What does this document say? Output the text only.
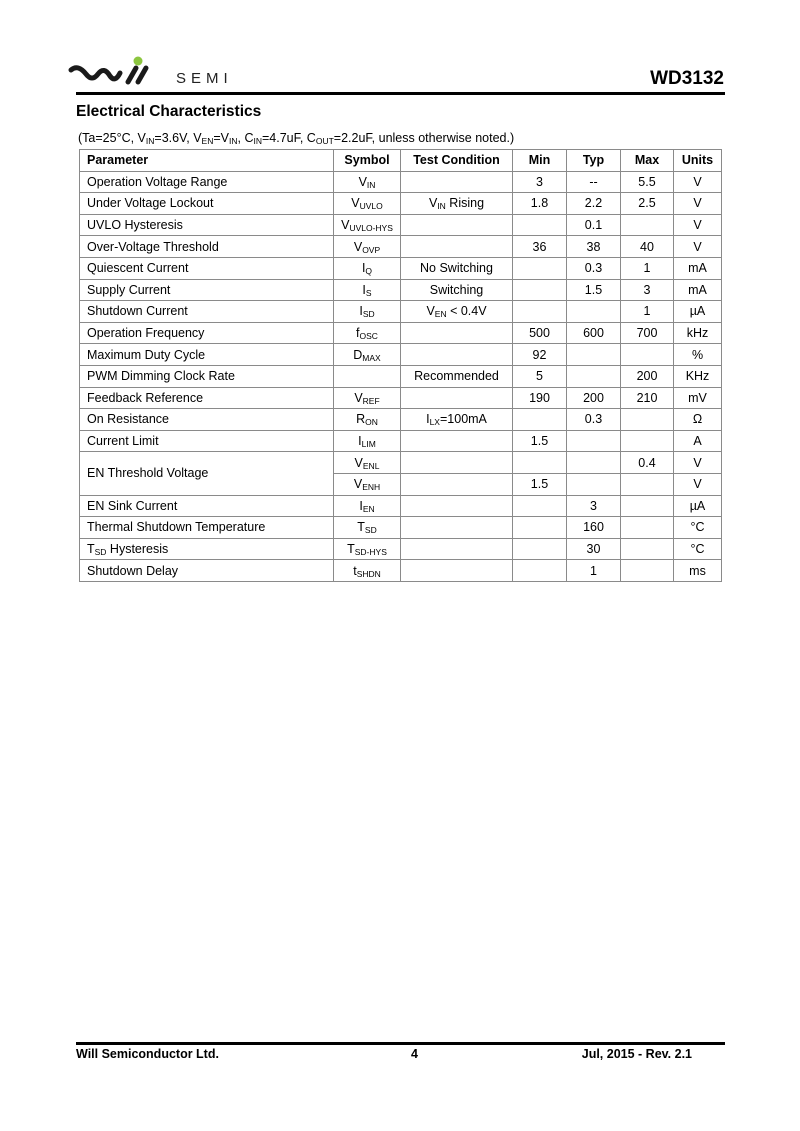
SEMI	WD3132
Electrical Characteristics
(Ta=25°C, $V_{IN}=3.6V$, $V_{EN}=V_{IN}$, $C_{IN}=4.7uF$, $C_{OUT}=2.2uF$, unless otherwise noted.)
Parameter	Symbol	Test Condition	Min	Typ	Max	Units
Operation Voltage Range	$V_{IN}$		3	--	5.5	V
Under Voltage Lockout	$V_{UVLO}$	$V_{IN}$ Rising	1.8	2.2	2.5	V
UVLO Hysteresis	$V_{UVLO-HYS}$			0.1		V
Over-Voltage Threshold	$V_{OVP}$		36	38	40	V
Quiescent Current	$I_Q$	No Switching		0.3	1	mA
Supply Current	$I_S$	Switching		1.5	3	mA
Shutdown Current	$I_{SD}$	$V_{EN} < 0.4V$			1	µA
Operation Frequency	$f_{OSC}$		500	600	700	kHz
Maximum Duty Cycle	$D_{MAX}$		92			%
PWM Dimming Clock Rate		Recommended	5		200	KHz
Feedback Reference	$V_{REF}$		190	200	210	mV
On Resistance	$R_{ON}$	$I_{LX}=100mA$		0.3		Ω
Current Limit	$I_{LIM}$		1.5			A
EN Threshold Voltage	$V_{ENL}$				0.4	V
	$V_{ENH}$		1.5			V
EN Sink Current	$I_{EN}$			3		µA
Thermal Shutdown Temperature	$T_{SD}$			160		°C
$T_{SD}$ Hysteresis	$T_{SD-HYS}$			30		°C
Shutdown Delay	$t_{SHDN}$			1		ms
Will Semiconductor Ltd.	4	Jul, 2015 - Rev. 2.1
